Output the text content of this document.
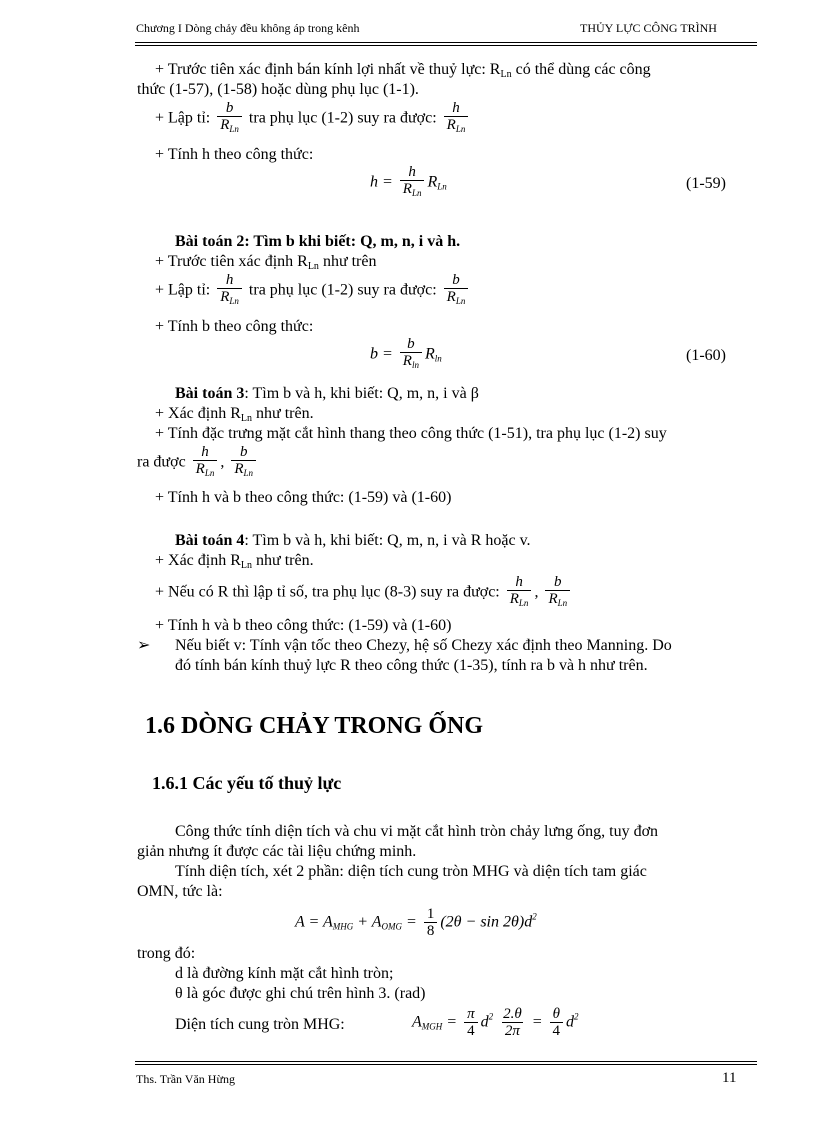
Chương I Dòng chảy đều không áp trong kênh	THỦY LỰC CÔNG TRÌNH
+ Trước tiên xác định bán kính lợi nhất về thuỷ lực: RLn có thể dùng các công
thức (1-57), (1-58) hoặc dùng phụ lục (1-1).
+ Lập tỉ: $\frac{b}{R_{Ln}}$ tra phụ lục (1-2) suy ra được: $\frac{h}{R_{Ln}}$
+ Tính h theo công thức:
$h = \frac{h}{R_{Ln}} R_{Ln}$	(1-59)
Bài toán 2: Tìm b khi biết: Q, m, n, i và h.
+ Trước tiên xác định RLn như trên
+ Lập tỉ: $\frac{h}{R_{Ln}}$ tra phụ lục (1-2) suy ra được: $\frac{b}{R_{Ln}}$
+ Tính b theo công thức:
$b = \frac{b}{R_{ln}} R_{ln}$	(1-60)
Bài toán 3: Tìm b và h, khi biết: Q, m, n, i và β
+ Xác định RLn như trên.
+ Tính đặc trưng mặt cắt hình thang theo công thức (1-51), tra phụ lục (1-2) suy
ra được $\frac{h}{R_{Ln}}$ , $\frac{b}{R_{Ln}}$
+ Tính h và b theo công thức: (1-59) và (1-60)
Bài toán 4: Tìm b và h, khi biết: Q, m, n, i và R hoặc v.
+ Xác định RLn như trên.
+ Nếu có R thì lập tỉ số, tra phụ lục (8-3) suy ra được: $\frac{h}{R_{Ln}}$ , $\frac{b}{R_{Ln}}$
+ Tính h và b theo công thức: (1-59) và (1-60)
➢ Nếu biết v: Tính vận tốc theo Chezy, hệ số Chezy xác định theo Manning. Do
đó tính bán kính thuỷ lực R theo công thức (1-35), tính ra b và h như trên.
1.6 DÒNG CHẢY TRONG ỐNG
1.6.1 Các yếu tố thuỷ lực
Công thức tính diện tích và chu vi mặt cắt hình tròn chảy lưng ống, tuy đơn
giản nhưng ít được các tài liệu chứng minh.
Tính diện tích, xét 2 phần: diện tích cung tròn MHG và diện tích tam giác
OMN, tức là:
$A = A_{MHG} + A_{OMG} = \frac{1}{8} (2\theta - \sin 2\theta)d^2$
trong đó:
d là đường kính mặt cắt hình tròn;
θ là góc được ghi chú trên hình 3. (rad)
Diện tích cung tròn MHG:	$A_{MGH} = \frac{\pi}{4} d^2 \frac{2.\theta}{2\pi} = \frac{\theta}{4} d^2$
Ths. Trần Văn Hừng	11
